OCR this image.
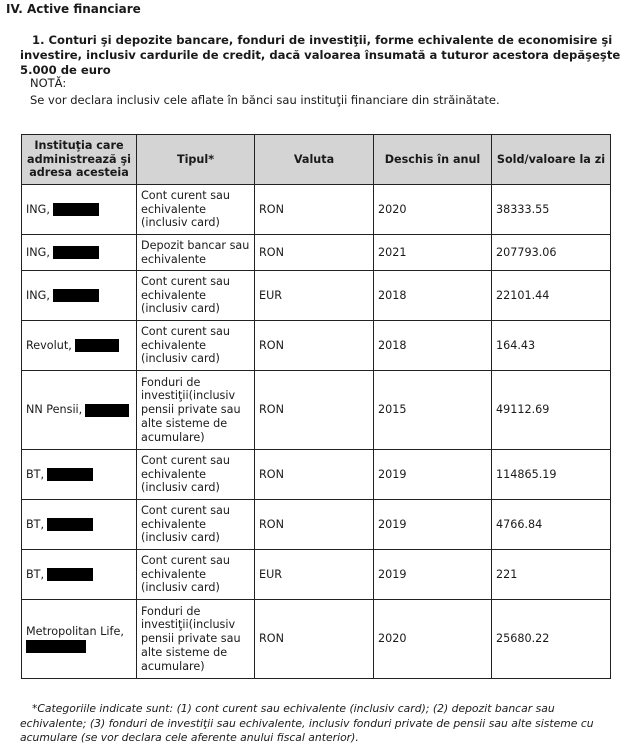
IV. Active financiare
1. Conturi şi depozite bancare, fonduri de investiţii, forme echivalente de economisire şi investire, inclusiv cardurile de credit, dacă valoarea însumată a tuturor acestora depăşeşte 5.000 de euro
NOTĂ:
Se vor declara inclusiv cele aflate în bănci sau instituţii financiare din străinătate.
Instituţia care administrează şi adresa acesteia	Tipul*	Valuta	Deschis în anul	Sold/valoare la zi
ING,	Cont curent sau echivalente (inclusiv card)	RON	2020	38333.55
ING,	Depozit bancar sau echivalente	RON	2021	207793.06
ING,	Cont curent sau echivalente (inclusiv card)	EUR	2018	22101.44
Revolut,	Cont curent sau echivalente (inclusiv card)	RON	2018	164.43
NN Pensii,	Fonduri de investiţii(inclusiv pensii private sau alte sisteme de acumulare)	RON	2015	49112.69
BT,	Cont curent sau echivalente (inclusiv card)	RON	2019	114865.19
BT,	Cont curent sau echivalente (inclusiv card)	RON	2019	4766.84
BT,	Cont curent sau echivalente (inclusiv card)	EUR	2019	221
Metropolitan Life,	Fonduri de investiţii(inclusiv pensii private sau alte sisteme de acumulare)	RON	2020	25680.22
*Categoriile indicate sunt: (1) cont curent sau echivalente (inclusiv card); (2) depozit bancar sau echivalente; (3) fonduri de investiţii sau echivalente, inclusiv fonduri private de pensii sau alte sisteme cu acumulare (se vor declara cele aferente anului fiscal anterior).
